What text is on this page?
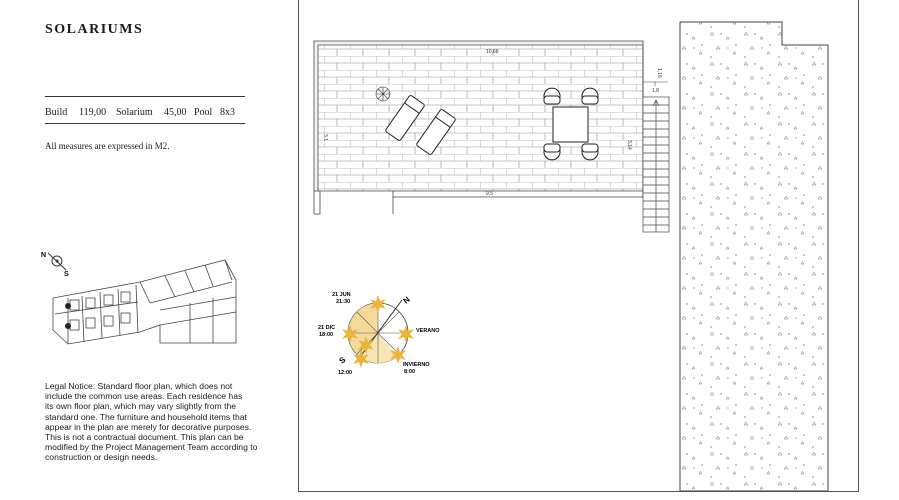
SOLARIUMS
Build	119,00 Solarium	45,00 Pool 8x3
All measures are expressed in M2.
N
S
Legal Notice: Standard floor plan, which does not
include the common use areas. Each residence has
its own floor plan, which may vary slightly from the
standard one. The furniture and household items that
appear in the plan are merely for decorative purposes.
This is not a contractual document. This plan can be
modified by the Project Management Team according to
construction or design needs.
10,68
9,5
3,1
3,14
1,16
1,8
N
S
21 JUN
21:30
21 DIC
18:00
VERANO
INVIERNO
8:00
12:00
